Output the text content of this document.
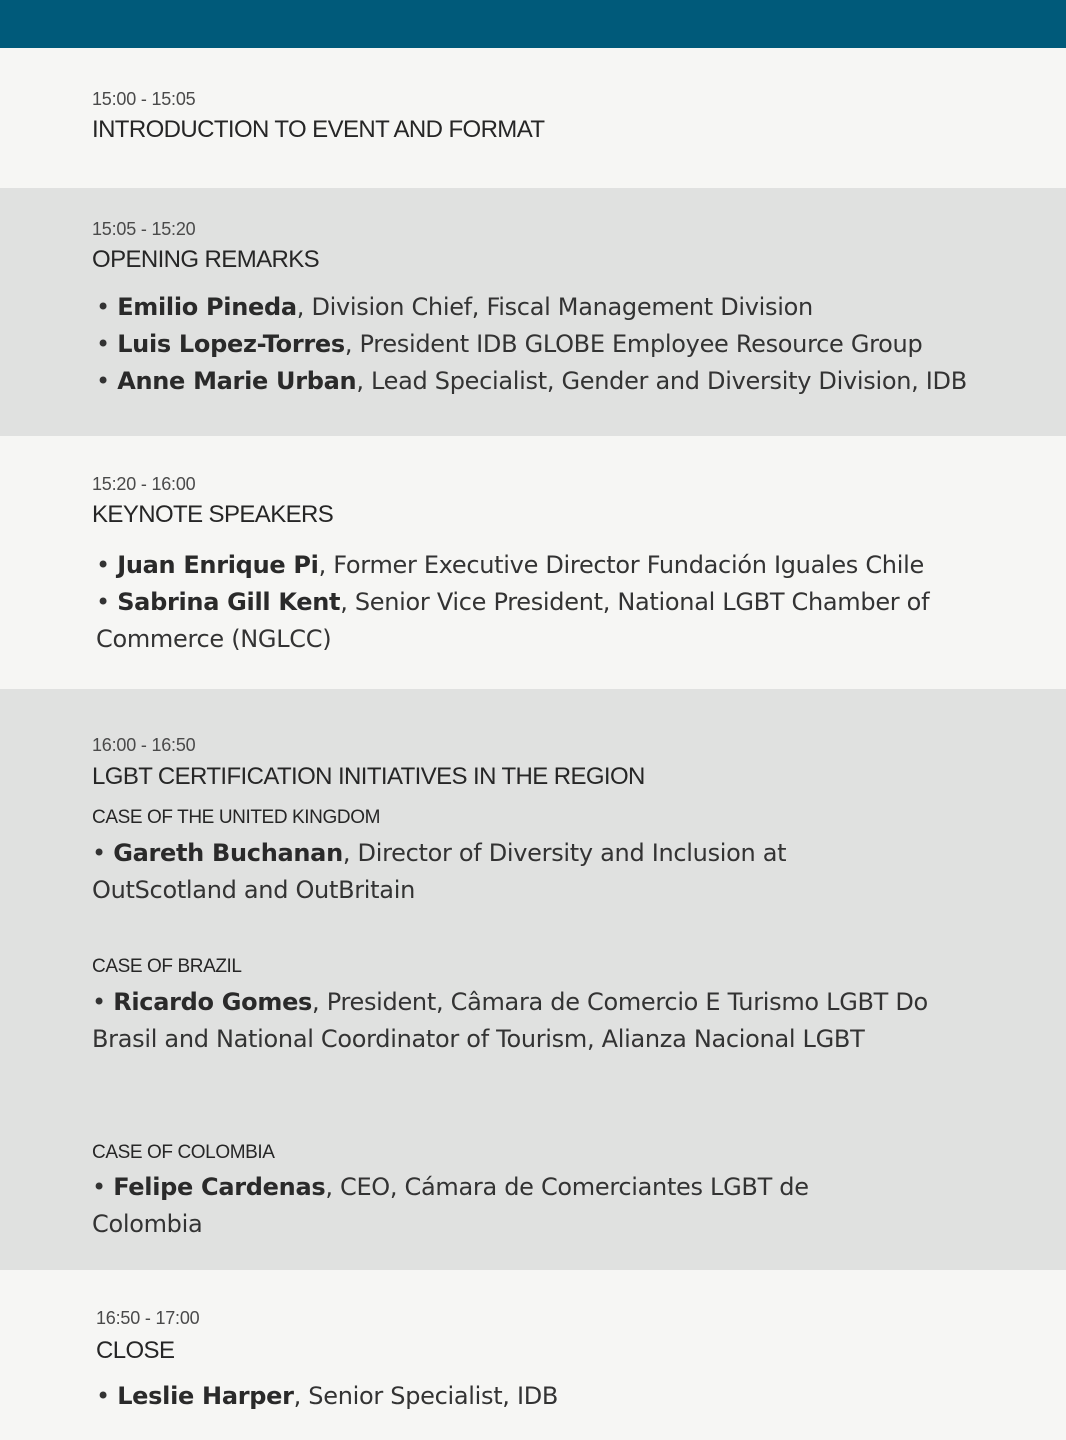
15:00 - 15:05
INTRODUCTION TO EVENT AND FORMAT
15:05 - 15:20
OPENING REMARKS
• Emilio Pineda, Division Chief, Fiscal Management Division
• Luis Lopez-Torres, President IDB GLOBE Employee Resource Group
• Anne Marie Urban, Lead Specialist, Gender and Diversity Division, IDB
15:20 - 16:00
KEYNOTE SPEAKERS
• Juan Enrique Pi, Former Executive Director Fundación Iguales Chile
• Sabrina Gill Kent, Senior Vice President, National LGBT Chamber of Commerce (NGLCC)
16:00 - 16:50
LGBT CERTIFICATION INITIATIVES IN THE REGION
CASE OF THE UNITED KINGDOM
• Gareth Buchanan, Director of Diversity and Inclusion at OutScotland and OutBritain
CASE OF BRAZIL
• Ricardo Gomes, President, Câmara de Comercio E Turismo LGBT Do Brasil and National Coordinator of Tourism, Alianza Nacional LGBT
CASE OF COLOMBIA
• Felipe Cardenas, CEO, Cámara de Comerciantes LGBT de Colombia
16:50 - 17:00
CLOSE
• Leslie Harper, Senior Specialist, IDB
